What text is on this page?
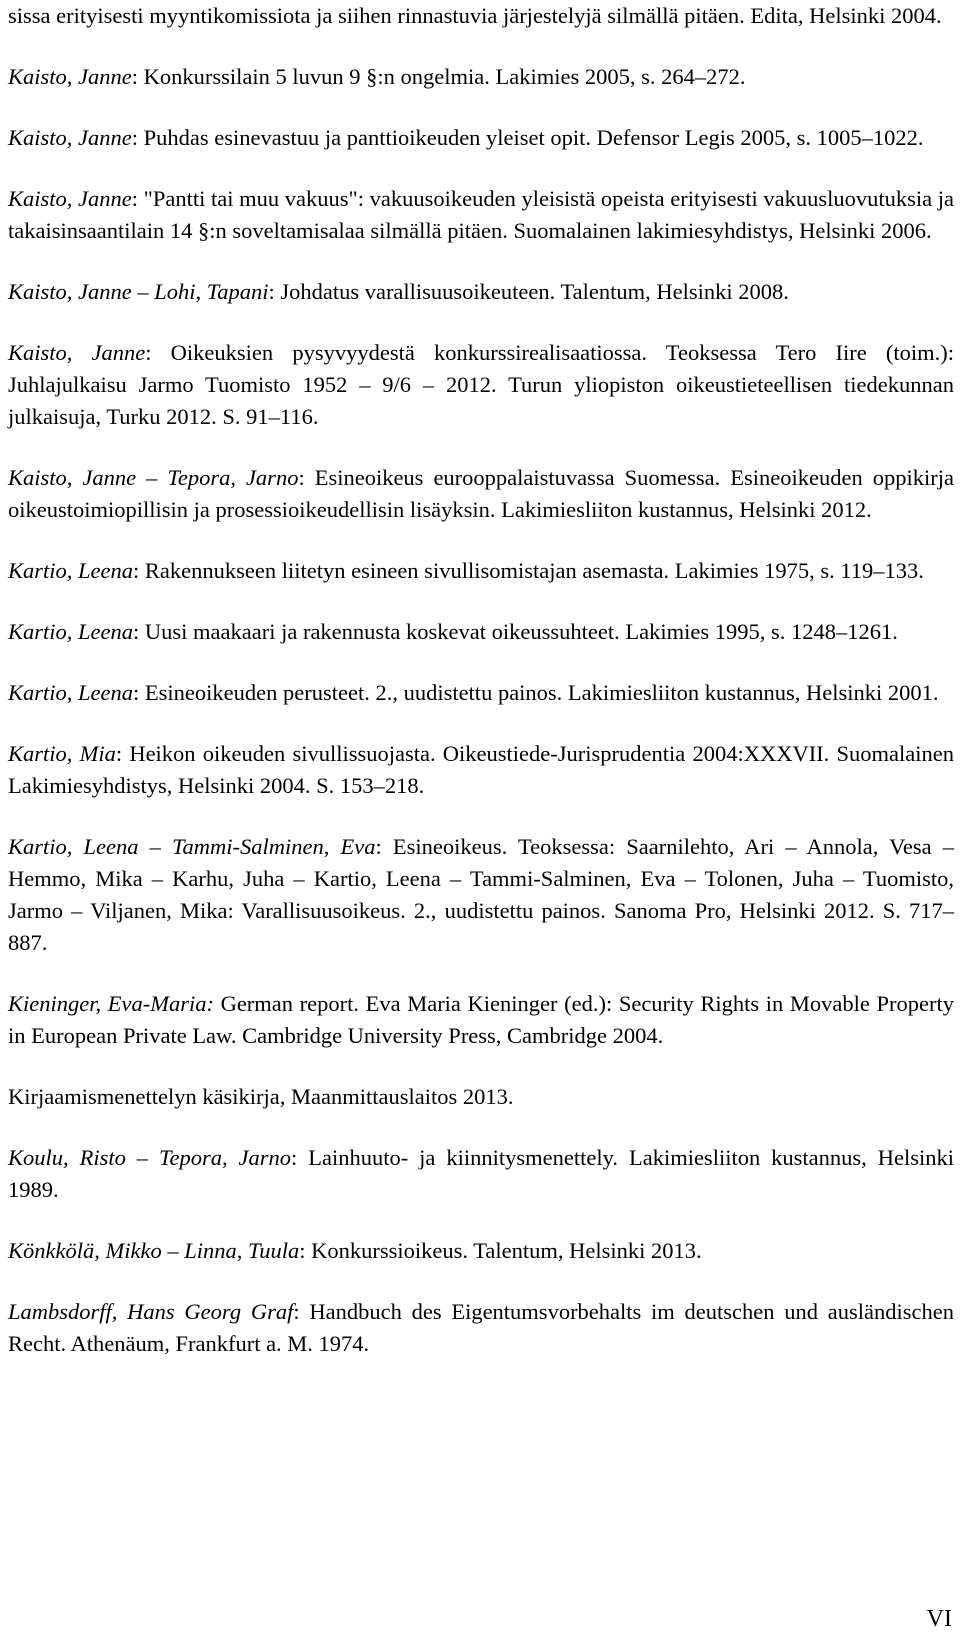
sissa erityisesti myyntikomissiota ja siihen rinnastuvia järjestelyjä silmällä pitäen. Edita, Helsinki 2004.

Kaisto, Janne: Konkurssilain 5 luvun 9 §:n ongelmia. Lakimies 2005, s. 264–272.

Kaisto, Janne: Puhdas esinevastuu ja panttioikeuden yleiset opit. Defensor Legis 2005, s. 1005–1022.

Kaisto, Janne: "Pantti tai muu vakuus": vakuusoikeuden yleisistä opeista erityisesti vakuusluovutuksia ja takaisinsaantilain 14 §:n soveltamisalaa silmällä pitäen. Suomalainen lakimiesyhdistys, Helsinki 2006.

Kaisto, Janne – Lohi, Tapani: Johdatus varallisuusoikeuteen. Talentum, Helsinki 2008.

Kaisto, Janne: Oikeuksien pysyvyydestä konkurssirealisaatiossa. Teoksessa Tero Iire (toim.): Juhlajulkaisu Jarmo Tuomisto 1952 – 9/6 – 2012. Turun yliopiston oikeustieteellisen tiedekunnan julkaisuja, Turku 2012. S. 91–116.

Kaisto, Janne – Tepora, Jarno: Esineoikeus eurooppalaistuvassa Suomessa. Esineoikeuden oppikirja oikeustoimiopillisin ja prosessioikeudellisin lisäyksin. Lakimiesliiton kustannus, Helsinki 2012.

Kartio, Leena: Rakennukseen liitetyn esineen sivullisomistajan asemasta. Lakimies 1975, s. 119–133.

Kartio, Leena: Uusi maakaari ja rakennusta koskevat oikeussuhteet. Lakimies 1995, s. 1248–1261.

Kartio, Leena: Esineoikeuden perusteet. 2., uudistettu painos. Lakimiesliiton kustannus, Helsinki 2001.

Kartio, Mia: Heikon oikeuden sivullissuojasta. Oikeustiede-Jurisprudentia 2004:XXXVII. Suomalainen Lakimiesyhdistys, Helsinki 2004. S. 153–218.

Kartio, Leena – Tammi-Salminen, Eva: Esineoikeus. Teoksessa: Saarnilehto, Ari – Annola, Vesa – Hemmo, Mika – Karhu, Juha – Kartio, Leena – Tammi-Salminen, Eva – Tolonen, Juha – Tuomisto, Jarmo – Viljanen, Mika: Varallisuusoikeus. 2., uudistettu painos. Sanoma Pro, Helsinki 2012. S. 717–887.

Kieninger, Eva-Maria: German report. Eva Maria Kieninger (ed.): Security Rights in Movable Property in European Private Law. Cambridge University Press, Cambridge 2004.

Kirjaamismenettelyn käsikirja, Maanmittauslaitos 2013.

Koulu, Risto – Tepora, Jarno: Lainhuuto- ja kiinnitysmenettely. Lakimiesliiton kustannus, Helsinki 1989.

Könkkölä, Mikko – Linna, Tuula: Konkurssioikeus. Talentum, Helsinki 2013.

Lambsdorff, Hans Georg Graf: Handbuch des Eigentumsvorbehalts im deutschen und ausländischen Recht. Athenäum, Frankfurt a. M. 1974.

VI
